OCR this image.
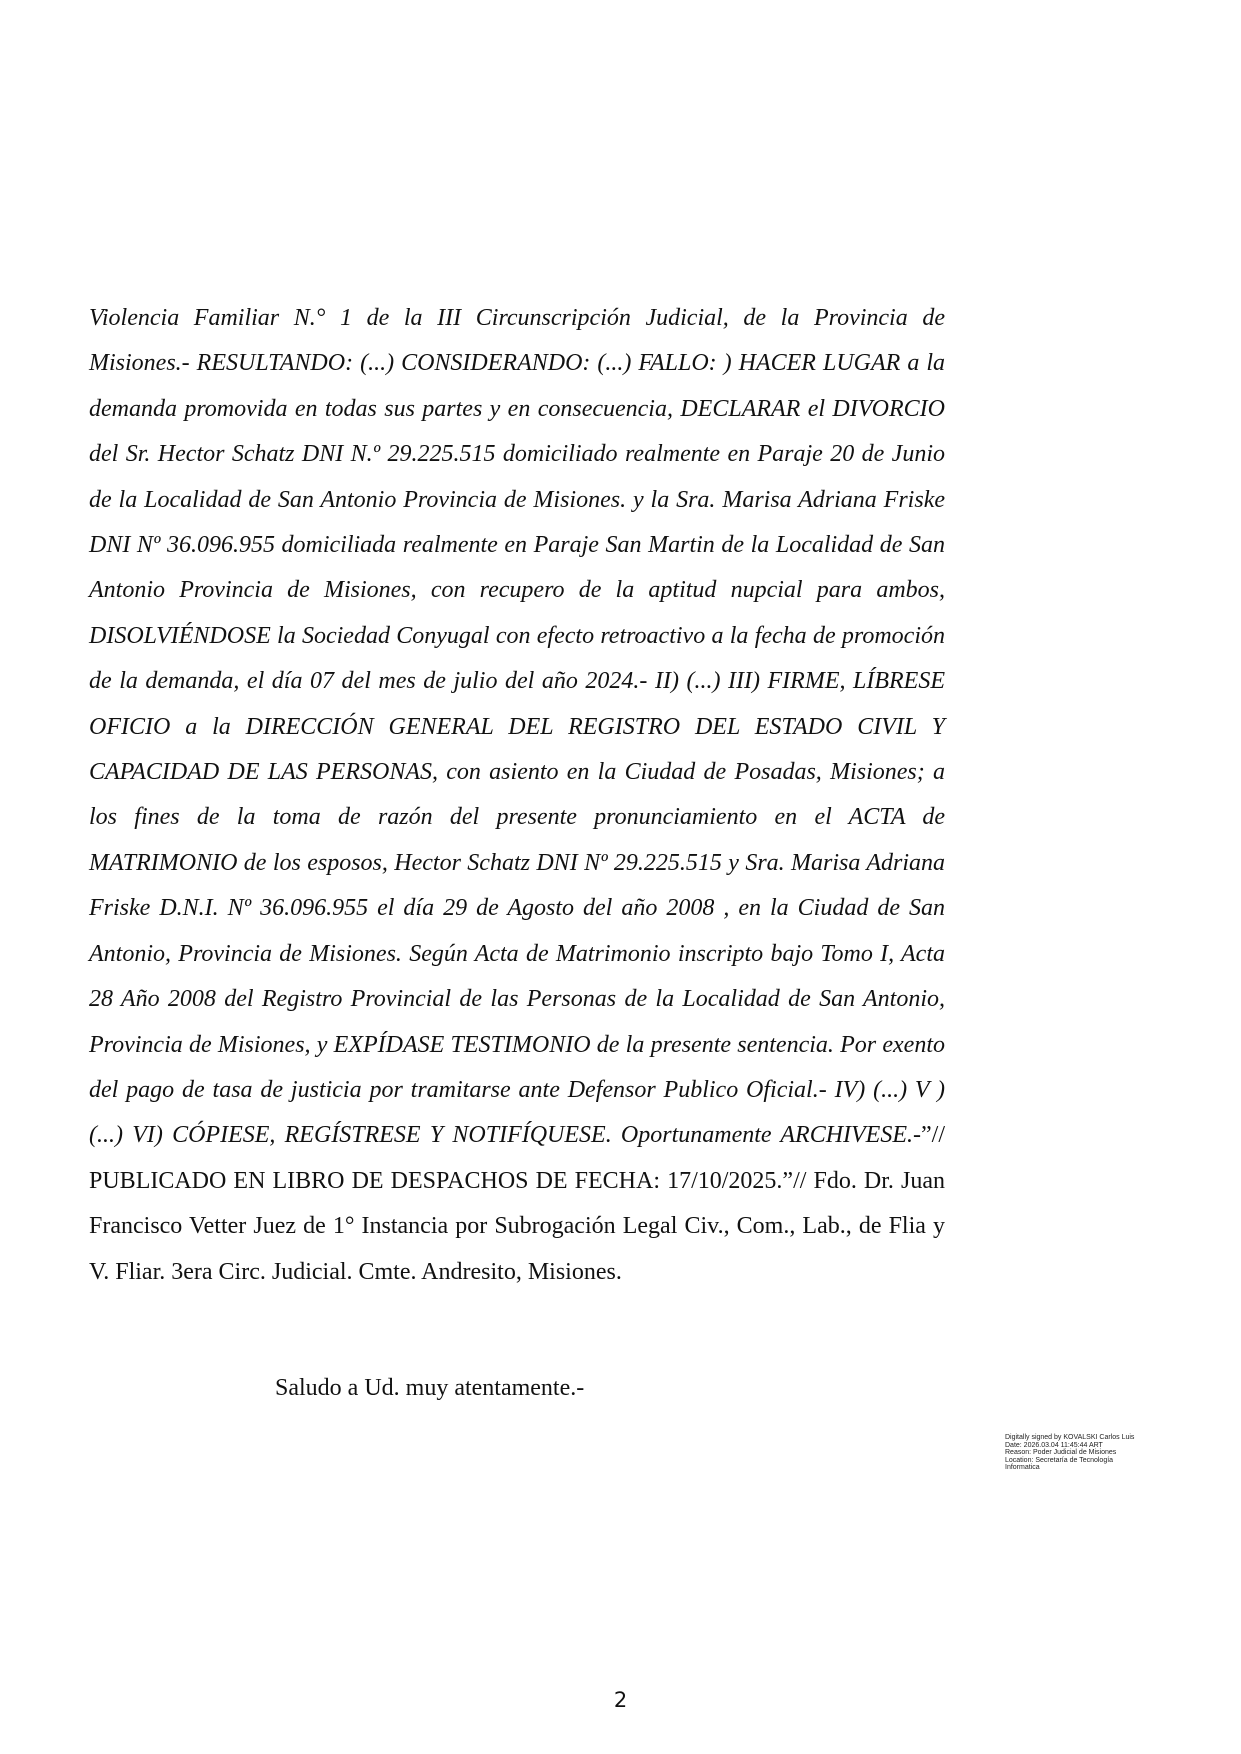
Violencia Familiar N.° 1 de la III Circunscripción Judicial, de la Provincia de Misiones.- RESULTANDO: (...) CONSIDERANDO: (...) FALLO: ) HACER LUGAR a la demanda promovida en todas sus partes y en consecuencia, DECLARAR el DIVORCIO del Sr. Hector Schatz DNI N.º 29.225.515 domiciliado realmente en Paraje 20 de Junio de la Localidad de San Antonio Provincia de Misiones. y la Sra. Marisa Adriana Friske DNI Nº 36.096.955 domiciliada realmente en Paraje San Martin de la Localidad de San Antonio Provincia de Misiones, con recupero de la aptitud nupcial para ambos, DISOLVIÉNDOSE la Sociedad Conyugal con efecto retroactivo a la fecha de promoción de la demanda, el día 07 del mes de julio del año 2024.- II) (...) III) FIRME, LÍBRESE OFICIO a la DIRECCIÓN GENERAL DEL REGISTRO DEL ESTADO CIVIL Y CAPACIDAD DE LAS PERSONAS, con asiento en la Ciudad de Posadas, Misiones; a los fines de la toma de razón del presente pronunciamiento en el ACTA de MATRIMONIO de los esposos, Hector Schatz DNI Nº 29.225.515 y Sra. Marisa Adriana Friske D.N.I. Nº 36.096.955 el día 29 de Agosto del año 2008 , en la Ciudad de San Antonio, Provincia de Misiones. Según Acta de Matrimonio inscripto bajo Tomo I, Acta 28 Año 2008 del Registro Provincial de las Personas de la Localidad de San Antonio, Provincia de Misiones, y EXPÍDASE TESTIMONIO de la presente sentencia. Por exento del pago de tasa de justicia por tramitarse ante Defensor Publico Oficial.- IV) (...) V ) (...) VI) CÓPIESE, REGÍSTRESE Y NOTIFÍQUESE. Oportunamente ARCHIVESE.-”// PUBLICADO EN LIBRO DE DESPACHOS DE FECHA: 17/10/2025.”// Fdo. Dr. Juan Francisco Vetter Juez de 1° Instancia por Subrogación Legal Civ., Com., Lab., de Flia y V. Fliar. 3era Circ. Judicial. Cmte. Andresito, Misiones.

Saludo a Ud. muy atentamente.-

Digitally signed by KOVALSKI Carlos Luis
Date: 2026.03.04 11:45:44 ART
Reason: Poder Judicial de Misiones
Location: Secretaría de Tecnología
Informatica
2
